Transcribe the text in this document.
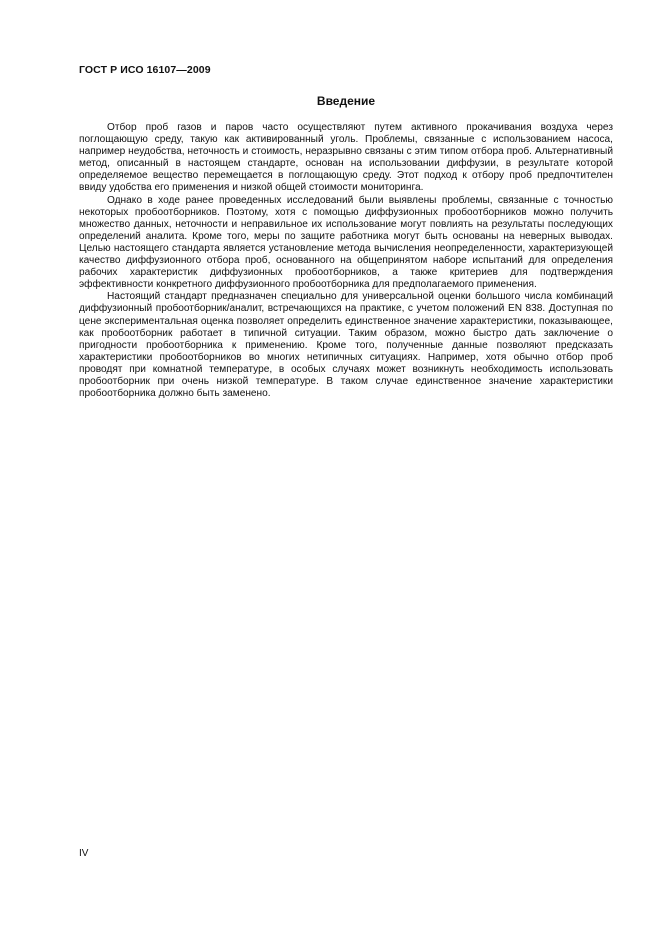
ГОСТ Р ИСО 16107—2009
Введение

Отбор проб газов и паров часто осуществляют путем активного прокачивания воздуха через поглощающую среду, такую как активированный уголь. Проблемы, связанные с использованием насоса, например неудобства, неточность и стоимость, неразрывно связаны с этим типом отбора проб. Альтернативный метод, описанный в настоящем стандарте, основан на использовании диффузии, в результате которой определяемое вещество перемещается в поглощающую среду. Этот подход к отбору проб предпочтителен ввиду удобства его применения и низкой общей стоимости мониторинга.

Однако в ходе ранее проведенных исследований были выявлены проблемы, связанные с точностью некоторых пробоотборников. Поэтому, хотя с помощью диффузионных пробоотборников можно получить множество данных, неточности и неправильное их использование могут повлиять на результаты последующих определений аналита. Кроме того, меры по защите работника могут быть основаны на неверных выводах. Целью настоящего стандарта является установление метода вычисления неопределенности, характеризующей качество диффузионного отбора проб, основанного на общепринятом наборе испытаний для определения рабочих характеристик диффузионных пробоотборников, а также критериев для подтверждения эффективности конкретного диффузионного пробоотборника для предполагаемого применения.

Настоящий стандарт предназначен специально для универсальной оценки большого числа комбинаций диффузионный пробоотборник/аналит, встречающихся на практике, с учетом положений EN 838. Доступная по цене экспериментальная оценка позволяет определить единственное значение характеристики, показывающее, как пробоотборник работает в типичной ситуации. Таким образом, можно быстро дать заключение о пригодности пробоотборника к применению. Кроме того, полученные данные позволяют предсказать характеристики пробоотборников во многих нетипичных ситуациях. Например, хотя обычно отбор проб проводят при комнатной температуре, в особых случаях может возникнуть необходимость использовать пробоотборник при очень низкой температуре. В таком случае единственное значение характеристики пробоотборника должно быть заменено.

IV
